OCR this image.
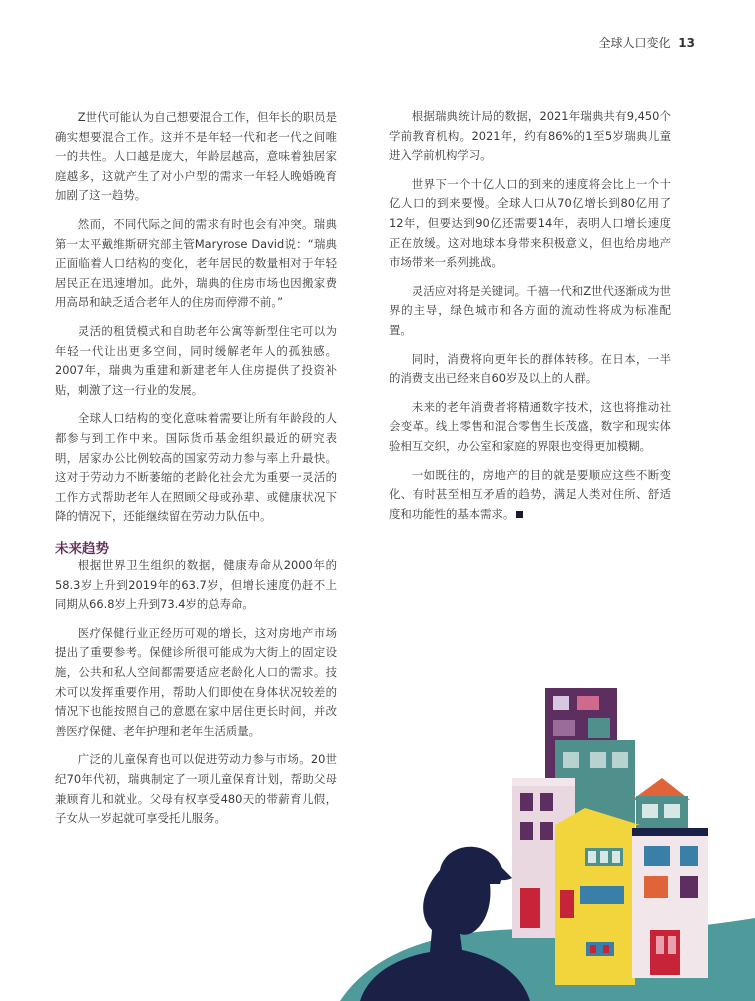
全球人口变化 13

Z世代可能认为自己想要混合工作，但年长的职员是确实想要混合工作。这并不是年轻一代和老一代之间唯一的共性。人口越是庞大，年龄层越高，意味着独居家庭越多，这就产生了对小户型的需求一年轻人晚婚晚育加剧了这一趋势。

然而，不同代际之间的需求有时也会有冲突。瑞典第一太平戴维斯研究部主管Maryrose David说：“瑞典正面临着人口结构的变化，老年居民的数量相对于年轻居民正在迅速增加。此外，瑞典的住房市场也因搬家费用高昂和缺乏适合老年人的住房而停滞不前。”

灵活的租赁模式和自助老年公寓等新型住宅可以为年轻一代让出更多空间，同时缓解老年人的孤独感。2007年，瑞典为重建和新建老年人住房提供了投资补贴，刺激了这一行业的发展。

全球人口结构的变化意味着需要让所有年龄段的人都参与到工作中来。国际货币基金组织最近的研究表明，居家办公比例较高的国家劳动力参与率上升最快。这对于劳动力不断萎缩的老龄化社会尤为重要一灵活的工作方式帮助老年人在照顾父母或孙辈、或健康状况下降的情况下，还能继续留在劳动力队伍中。

未来趋势

根据世界卫生组织的数据，健康寿命从2000年的58.3岁上升到2019年的63.7岁，但增长速度仍赶不上同期从66.8岁上升到73.4岁的总寿命。

医疗保健行业正经历可观的增长，这对房地产市场提出了重要参考。保健诊所很可能成为大街上的固定设施，公共和私人空间都需要适应老龄化人口的需求。技术可以发挥重要作用，帮助人们即使在身体状况较差的情况下也能按照自己的意愿在家中居住更长时间，并改善医疗保健、老年护理和老年生活质量。

广泛的儿童保育也可以促进劳动力参与市场。20世纪70年代初，瑞典制定了一项儿童保育计划，帮助父母兼顾育儿和就业。父母有权享受480天的带薪育儿假，子女从一岁起就可享受托儿服务。

根据瑞典统计局的数据，2021年瑞典共有9,450个学前教育机构。2021年，约有86%的1至5岁瑞典儿童进入学前机构学习。

世界下一个十亿人口的到来的速度将会比上一个十亿人口的到来要慢。全球人口从70亿增长到80亿用了12年，但要达到90亿还需要14年，表明人口增长速度正在放缓。这对地球本身带来积极意义，但也给房地产市场带来一系列挑战。

灵活应对将是关键词。千禧一代和Z世代逐渐成为世界的主导，绿色城市和各方面的流动性将成为标准配置。

同时，消费将向更年长的群体转移。在日本，一半的消费支出已经来自60岁及以上的人群。

未来的老年消费者将精通数字技术，这也将推动社会变革。线上零售和混合零售生长茂盛，数字和现实体验相互交织，办公室和家庭的界限也变得更加模糊。

一如既往的，房地产的目的就是要顺应这些不断变化、有时甚至相互矛盾的趋势，满足人类对住所、舒适度和功能性的基本需求。
